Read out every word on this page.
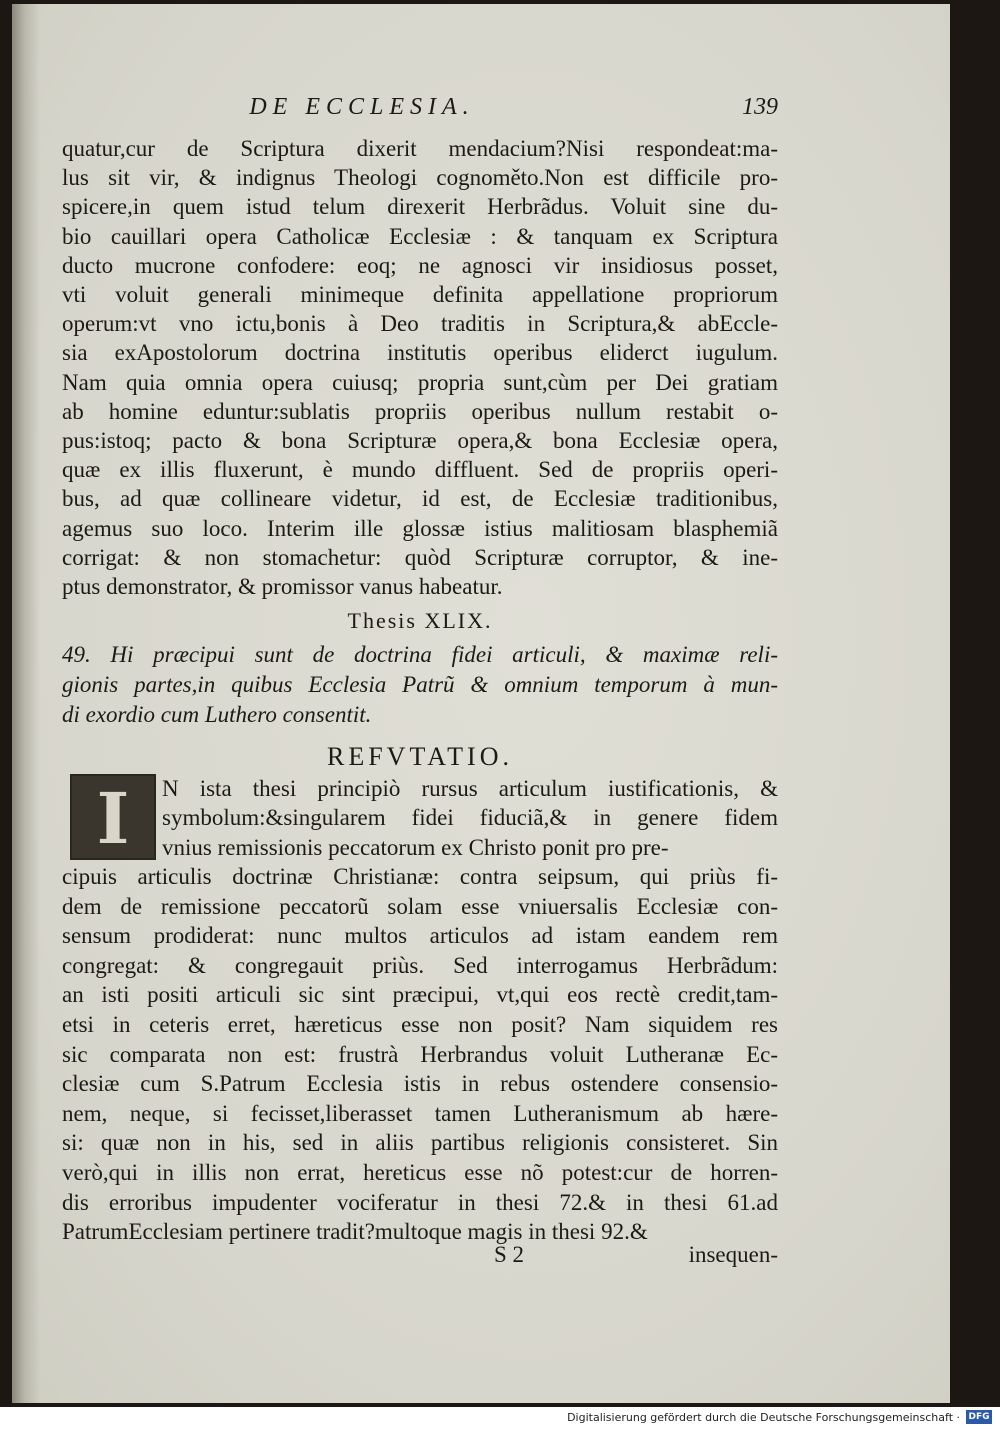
DE ECCLESIA.	139
quatur,cur de Scriptura dixerit mendacium?Nisi respondeat:ma-
lus sit vir, & indignus Theologi cognoměto.Non est difficile pro-
spicere,in quem istud telum direxerit Herbrãdus. Voluit sine du-
bio cauillari opera Catholicæ Ecclesiæ : & tanquam ex Scriptura
ducto mucrone confodere: eoq; ne agnosci vir insidiosus posset,
vti voluit generali minimeque definita appellatione propriorum
operum:vt vno ictu,bonis à Deo traditis in Scriptura,& abEccle-
sia exApostolorum doctrina institutis operibus eliderct iugulum.
Nam quia omnia opera cuiusq; propria sunt,cùm per Dei gratiam
ab homine eduntur:sublatis propriis operibus nullum restabit o-
pus:istoq; pacto & bona Scripturæ opera,& bona Ecclesiæ opera,
quæ ex illis fluxerunt, è mundo diffluent. Sed de propriis operi-
bus, ad quæ collineare videtur, id est, de Ecclesiæ traditionibus,
agemus suo loco. Interim ille glossæ istius malitiosam blasphemiã
corrigat: & non stomachetur: quòd Scripturæ corruptor, & ine-
ptus demonstrator, & promissor vanus habeatur.
Thesis XLIX.
49. Hi præcipui sunt de doctrina fidei articuli, & maximæ reli-
gionis partes,in quibus Ecclesia Patrũ & omnium temporum à mun-
di exordio cum Luthero consentit.
REFVTATIO.
I	N ista thesi principiò rursus articulum iustificationis, &
symbolum:&singularem fidei fiduciã,& in genere fidem
vnius remissionis peccatorum ex Christo ponit pro pre-
cipuis articulis doctrinæ Christianæ: contra seipsum, qui priùs fi-
dem de remissione peccatorũ solam esse vniuersalis Ecclesiæ con-
sensum prodiderat: nunc multos articulos ad istam eandem rem
congregat: & congregauit priùs. Sed interrogamus Herbrãdum:
an isti positi articuli sic sint præcipui, vt,qui eos rectè credit,tam-
etsi in ceteris erret, hæreticus esse non posit? Nam siquidem res
sic comparata non est: frustrà Herbrandus voluit Lutheranæ Ec-
clesiæ cum S.Patrum Ecclesia istis in rebus ostendere consensio-
nem, neque, si fecisset,liberasset tamen Lutheranismum ab hære-
si: quæ non in his, sed in aliis partibus religionis consisteret. Sin
verò,qui in illis non errat, hereticus esse nõ potest:cur de horren-
dis erroribus impudenter vociferatur in thesi 72.& in thesi 61.ad
PatrumEcclesiam pertinere tradit?multoque magis in thesi 92.&
S 2	insequen-
Digitalisierung gefördert durch die Deutsche Forschungsgemeinschaft · DFG
